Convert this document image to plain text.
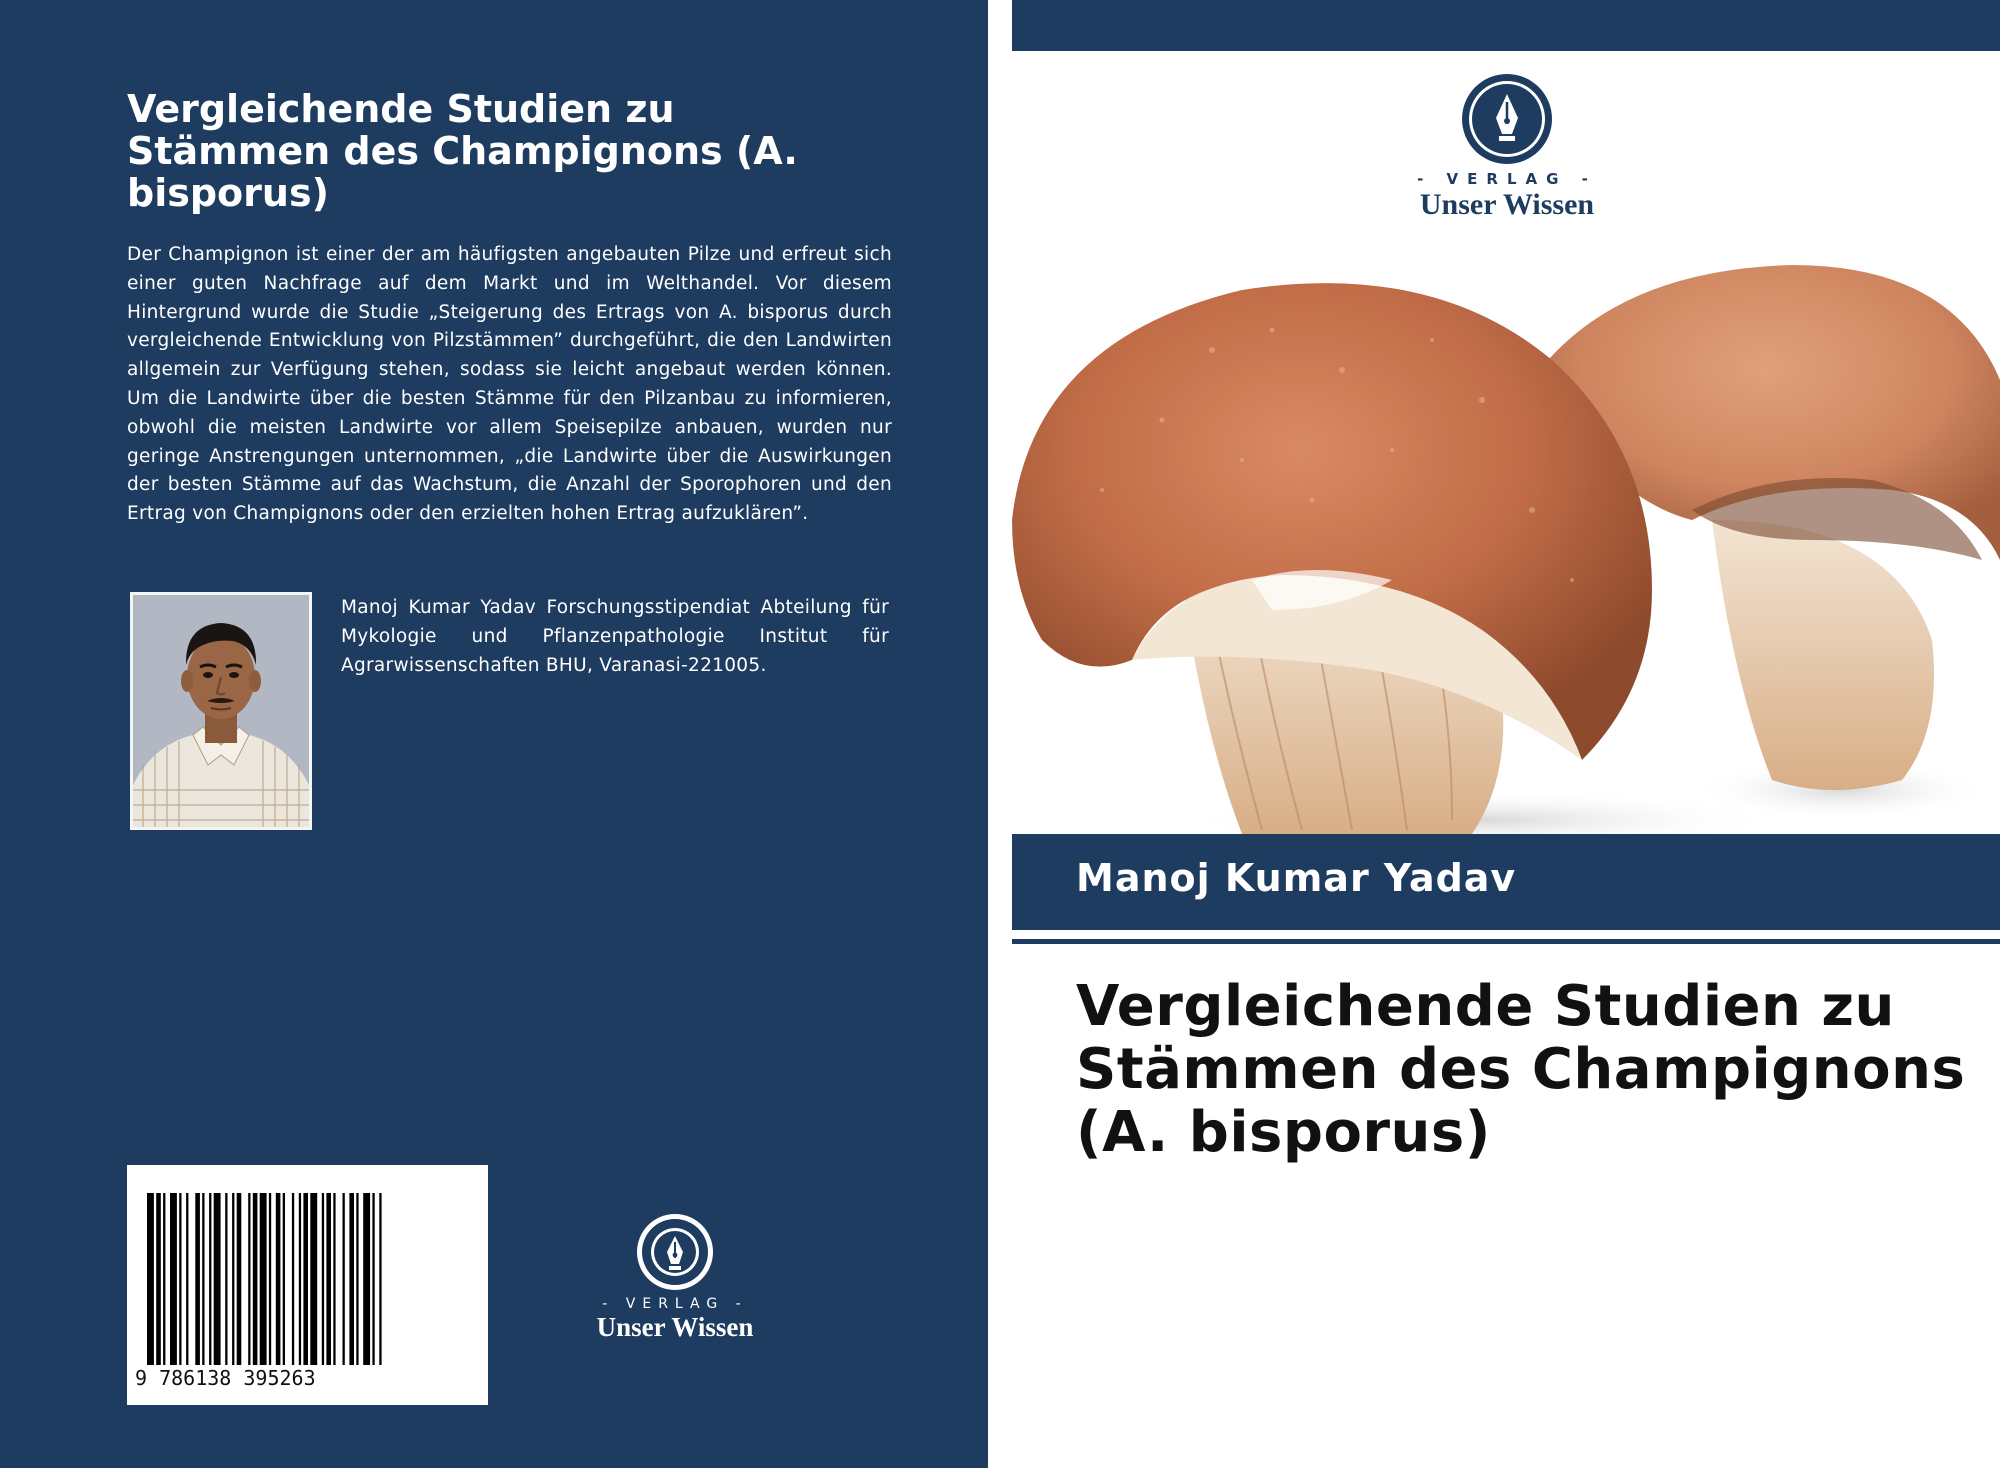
Vergleichende Studien zu Stämmen des Champignons (A. bisporus)

Der Champignon ist einer der am häufigsten angebauten Pilze und erfreut sich einer guten Nachfrage auf dem Markt und im Welthandel. Vor diesem Hintergrund wurde die Studie „Steigerung des Ertrags von A. bisporus durch vergleichende Entwicklung von Pilzstämmen” durchgeführt, die den Landwirten allgemein zur Verfügung stehen, sodass sie leicht angebaut werden können. Um die Landwirte über die besten Stämme für den Pilzanbau zu informieren, obwohl die meisten Landwirte vor allem Speisepilze anbauen, wurden nur geringe Anstrengungen unternommen, „die Landwirte über die Auswirkungen der besten Stämme auf das Wachstum, die Anzahl der Sporophoren und den Ertrag von Champignons oder den erzielten hohen Ertrag aufzuklären”.

Manoj Kumar Yadav Forschungsstipendiat Abteilung für Mykologie und Pflanzenpathologie Institut für Agrarwissenschaften BHU, Varanasi-221005.

9 786138 395263
- VERLAG -
Unser Wissen
- VERLAG -
Unser Wissen
Manoj Kumar Yadav
Vergleichende Studien zu Stämmen des Champignons (A. bisporus)
